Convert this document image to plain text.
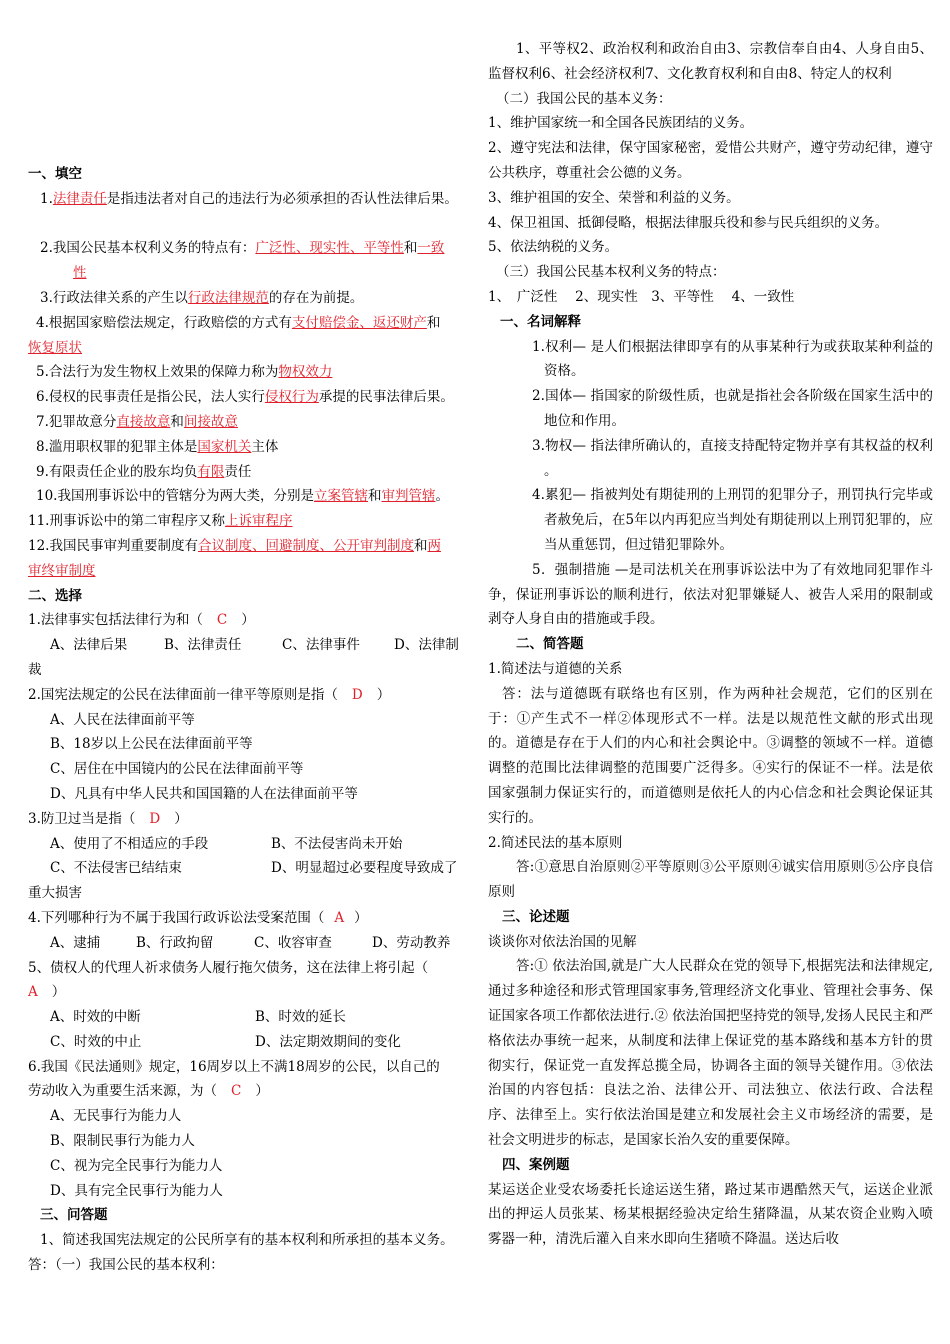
一、填空
1.法律责任是指违法者对自己的违法行为必须承担的否认性法律后果。
2.我国公民基本权利义务的特点有：广泛性、现实性、平等性和一致
性
3.行政法律关系的产生以行政法律规范的存在为前提。
4.根据国家赔偿法规定，行政赔偿的方式有支付赔偿金、返还财产和
恢复原状
5.合法行为发生物权上效果的保障力称为物权效力
6.侵权的民事责任是指公民，法人实行侵权行为承提的民事法律后果。
7.犯罪故意分直接故意和间接故意
8.滥用职权罪的犯罪主体是国家机关主体
9.有限责任企业的股东均负有限责任
10.我国刑事诉讼中的管辖分为两大类，分别是立案管辖和审判管辖。
11.刑事诉讼中的第二审程序又称上诉审程序
12.我国民事审判重要制度有合议制度、回避制度、公开审判制度和两
审终审制度
二、选择
1.法律事实包括法律行为和（ C ）
A、法律后果	B、法律责任	C、法律事件	D、法律制
裁
2.国宪法规定的公民在法律面前一律平等原则是指（ D ）
A、人民在法律面前平等
B、18岁以上公民在法律面前平等
C、居住在中国镜内的公民在法律面前平等
D、凡具有中华人民共和国国籍的人在法律面前平等
3.防卫过当是指（ D ）
A、使用了不相适应的手段	B、不法侵害尚未开始
C、不法侵害已结结束	D、明显超过必要程度导致成了
重大损害
4.下列哪种行为不属于我国行政诉讼法受案范围（ A ）
A、逮捕	B、行政拘留	C、收容审查	D、劳动教养
5、债权人的代理人祈求债务人履行拖欠债务，这在法律上将引起（
A ）
A、时效的中断	B、时效的延长
C、时效的中止	D、法定期效期间的变化
6.我国《民法通则》规定，16周岁以上不满18周岁的公民，以自己的
劳动收入为重要生活来源，为（ C ）
A、无民事行为能力人
B、限制民事行为能力人
C、视为完全民事行为能力人
D、具有完全民事行为能力人
三、问答题
1、简述我国宪法规定的公民所享有的基本权利和所承担的基本义务。
答：（一）我国公民的基本权利：
1、平等权2、政治权利和政治自由3、宗教信奉自由4、人身自由5、监督权利6、社会经济权利7、文化教育权利和自由8、特定人的权利
（二）我国公民的基本义务：
1、维护国家统一和全国各民族团结的义务。
2、遵守宪法和法律，保守国家秘密，爱惜公共财产，遵守劳动纪律，遵守公共秩序，尊重社会公德的义务。
3、维护祖国的安全、荣誉和利益的义务。
4、保卫祖国、抵御侵略，根据法律服兵役和参与民兵组织的义务。
5、依法纳税的义务。
（三）我国公民基本权利义务的特点：
1、　广泛性　 2、现实性　3、平等性　 4、一致性
一、名词解释
1.权利— 是人们根据法律即享有的从事某种行为或获取某种利益的资格。
2.国体— 指国家的阶级性质，也就是指社会各阶级在国家生活中的地位和作用。
3.物权— 指法律所确认的，直接支持配特定物并享有其权益的权利 。
4.累犯— 指被判处有期徒刑的上刑罚的犯罪分子，刑罚执行完毕或者赦免后，在5年以内再犯应当判处有期徒刑以上刑罚犯罪的，应当从重惩罚，但过错犯罪除外。
5．强制措施 —是司法机关在刑事诉讼法中为了有效地同犯罪作斗争，保证刑事诉讼的顺利进行，依法对犯罪嫌疑人、被告人采用的限制或剥夺人身自由的措施或手段。
二、简答题
1.简述法与道德的关系
答：法与道德既有联络也有区别，作为两种社会规范，它们的区别在于：①产生式不一样②体现形式不一样。法是以规范性文献的形式出现的。道德是存在于人们的内心和社会舆论中。③调整的领域不一样。道德调整的范围比法律调整的范围要广泛得多。④实行的保证不一样。法是依国家强制力保证实行的，而道德则是依托人的内心信念和社会舆论保证其实行的。
2.简述民法的基本原则
答:①意思自治原则②平等原则③公平原则④诚实信用原则⑤公序良信原则
三、论述题
谈谈你对依法治国的见解
答:① 依法治国,就是广大人民群众在党的领导下,根据宪法和法律规定,通过多种途径和形式管理国家事务,管理经济文化事业、管理社会事务、保证国家各项工作都依法进行.② 依法治国把坚持党的领导,发扬人民民主和严格依法办事统一起来，从制度和法律上保证党的基本路线和基本方针的贯彻实行，保证党一直发挥总揽全局，协调各主面的领导关键作用。③依法治国的内容包括：良法之治、法律公开、司法独立、依法行政、合法程序、法律至上。实行依法治国是建立和发展社会主义市场经济的需要，是社会文明进步的标志，是国家长治久安的重要保障。
四、案例题
某运送企业受农场委托长途运送生猪，路过某市遇酷然天气，运送企业派出的押运人员张某、杨某根据经验决定给生猪降温，从某农资企业购入喷雾器一种，清洗后灌入自来水即向生猪喷不降温。送达后收
